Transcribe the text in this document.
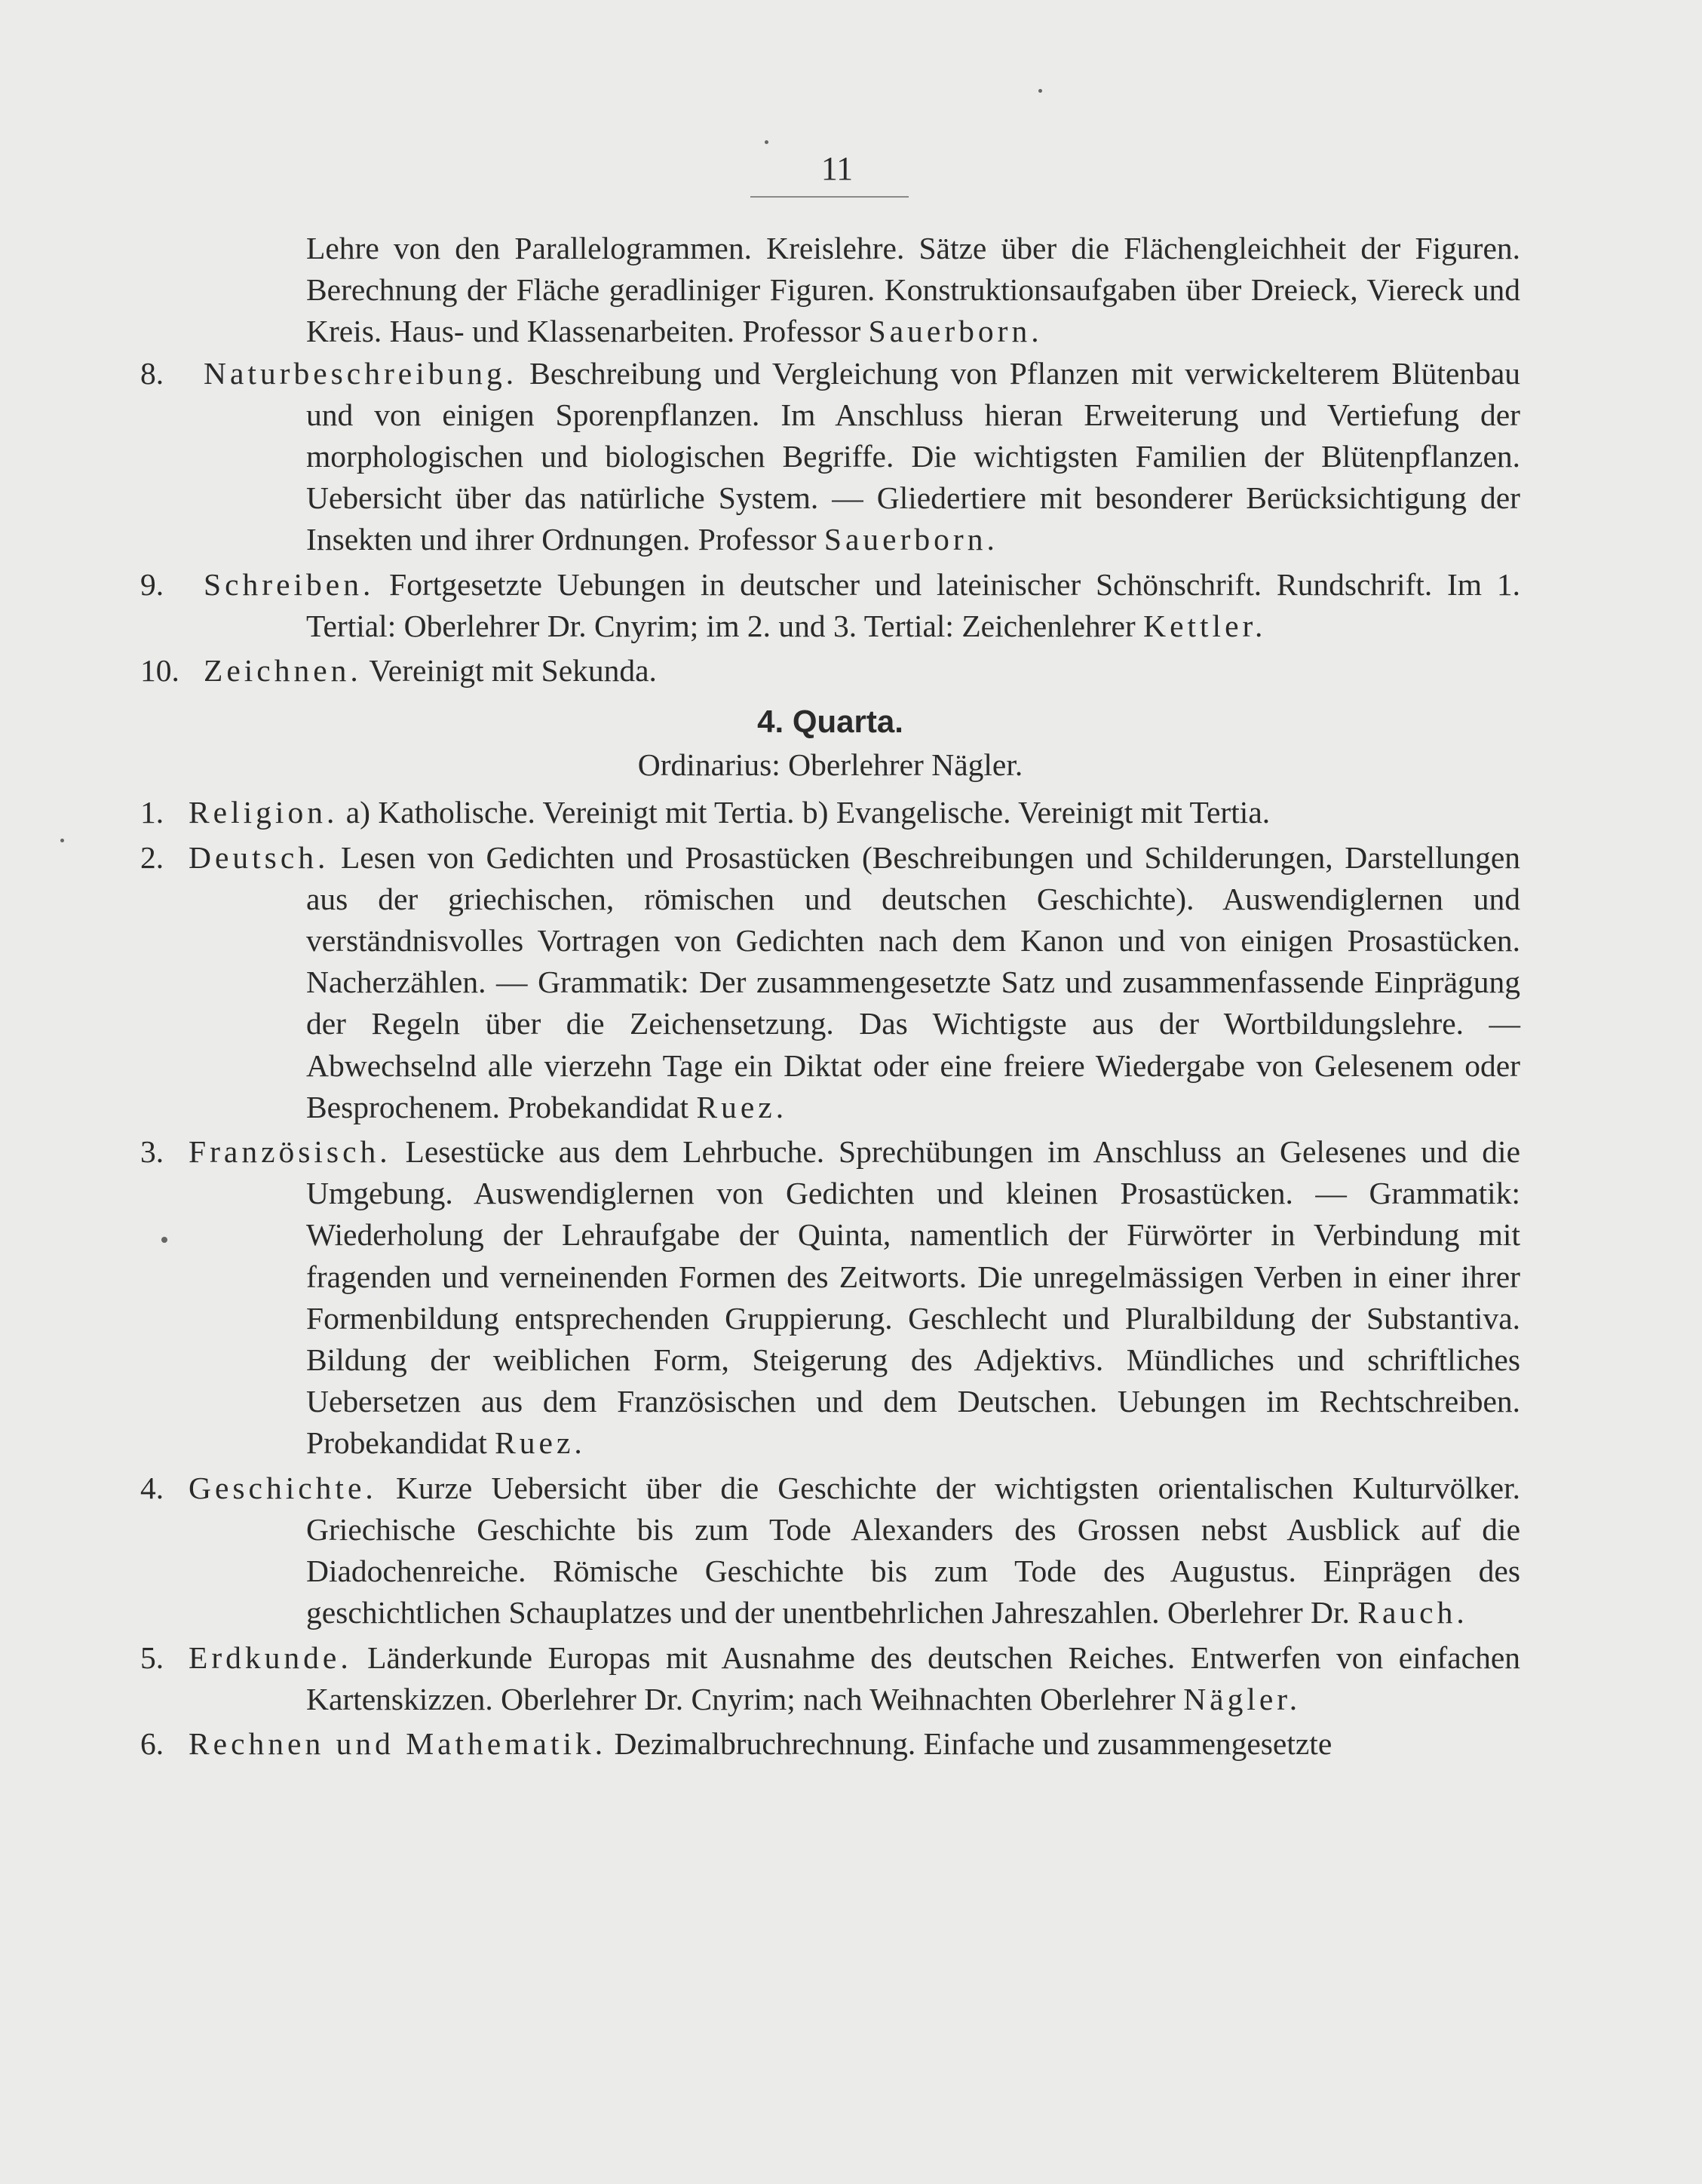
11

Lehre von den Parallelogrammen. Kreislehre. Sätze über die Flächengleichheit der Figuren. Berechnung der Fläche geradliniger Figuren. Konstruktionsaufgaben über Dreieck, Viereck und Kreis. Haus- und Klassenarbeiten. Professor Sauerborn.

8.	Naturbeschreibung. Beschreibung und Vergleichung von Pflanzen mit verwickelterem Blütenbau und von einigen Sporenpflanzen. Im Anschluss hieran Erweiterung und Vertiefung der morphologischen und biologischen Begriffe. Die wichtigsten Familien der Blütenpflanzen. Uebersicht über das natürliche System. — Gliedertiere mit besonderer Berücksichtigung der Insekten und ihrer Ordnungen. Professor Sauerborn.
9.	Schreiben. Fortgesetzte Uebungen in deutscher und lateinischer Schönschrift. Rundschrift. Im 1. Tertial: Oberlehrer Dr. Cnyrim; im 2. und 3. Tertial: Zeichenlehrer Kettler.
10. Zeichnen. Vereinigt mit Sekunda.
4. Quarta.
Ordinarius: Oberlehrer Nägler.
1. Religion. a) Katholische. Vereinigt mit Tertia. b) Evangelische. Vereinigt mit Tertia.
2. Deutsch. Lesen von Gedichten und Prosastücken (Beschreibungen und Schilderungen, Darstellungen aus der griechischen, römischen und deutschen Geschichte). Auswendiglernen und verständnisvolles Vortragen von Gedichten nach dem Kanon und von einigen Prosastücken. Nacherzählen. — Grammatik: Der zusammengesetzte Satz und zusammenfassende Einprägung der Regeln über die Zeichensetzung. Das Wichtigste aus der Wortbildungslehre. — Abwechselnd alle vierzehn Tage ein Diktat oder eine freiere Wiedergabe von Gelesenem oder Besprochenem. Probekandidat Ruez.
3. Französisch. Lesestücke aus dem Lehrbuche. Sprechübungen im Anschluss an Gelesenes und die Umgebung. Auswendiglernen von Gedichten und kleinen Prosastücken. — Grammatik: Wiederholung der Lehraufgabe der Quinta, namentlich der Fürwörter in Verbindung mit fragenden und verneinenden Formen des Zeitworts. Die unregelmässigen Verben in einer ihrer Formenbildung entsprechenden Gruppierung. Geschlecht und Pluralbildung der Substantiva. Bildung der weiblichen Form, Steigerung des Adjektivs. Mündliches und schriftliches Uebersetzen aus dem Französischen und dem Deutschen. Uebungen im Rechtschreiben. Probekandidat Ruez.
4. Geschichte. Kurze Uebersicht über die Geschichte der wichtigsten orientalischen Kulturvölker. Griechische Geschichte bis zum Tode Alexanders des Grossen nebst Ausblick auf die Diadochenreiche. Römische Geschichte bis zum Tode des Augustus. Einprägen des geschichtlichen Schauplatzes und der unentbehrlichen Jahreszahlen. Oberlehrer Dr. Rauch.
5. Erdkunde. Länderkunde Europas mit Ausnahme des deutschen Reiches. Entwerfen von einfachen Kartenskizzen. Oberlehrer Dr. Cnyrim; nach Weihnachten Oberlehrer Nägler.
6. Rechnen und Mathematik. Dezimalbruchrechnung. Einfache und zusammengesetzte
